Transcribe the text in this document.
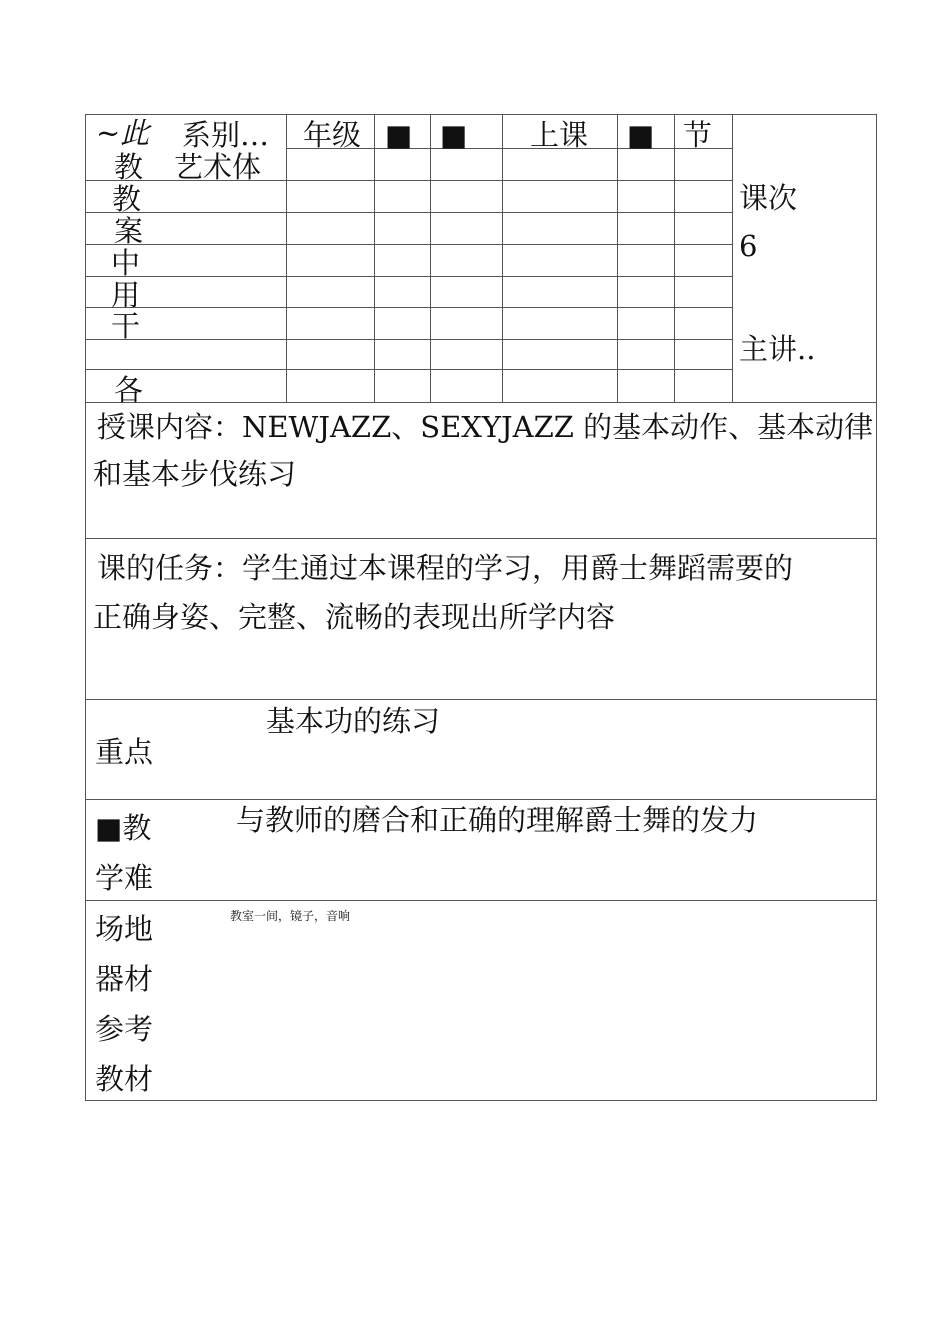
~此 系别…
艺术体
年级 ■ ■ 上课 ■ 节
教
教
案
中
用
干
各
课次
6
主讲..
授课内容：NEWJAZZ、SEXYJAZZ 的基本动作、基本动律
和基本步伐练习
课的任务：学生通过本课程的学习，用爵士舞蹈需要的
正确身姿、完整、流畅的表现出所学内容
基本功的练习
重点
与教师的磨合和正确的理解爵士舞的发力
■教
学难
教室一间，镜子，音响
场地
器材
参考
教材
